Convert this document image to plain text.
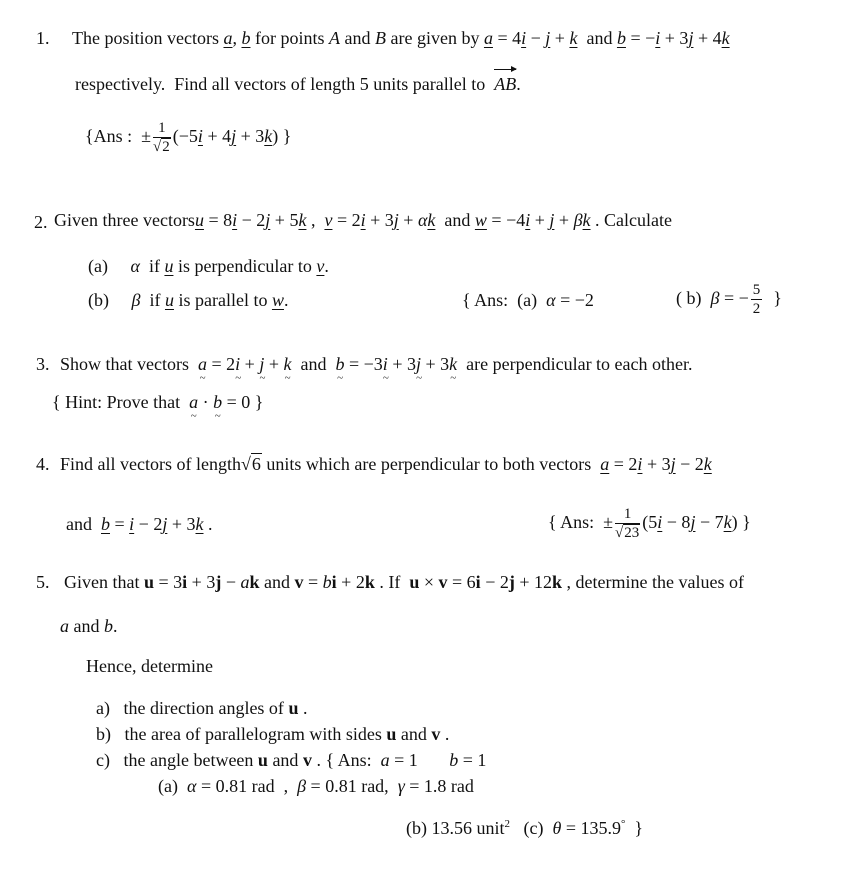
1. The position vectors a, b for points A and B are given by a = 4i − j + k  and b = −i + 3j + 4k
respectively.  Find all vectors of length 5 units parallel to  AB
.
{Ans :  ± $\frac{1}{√2} (-5i + 4j + 3k)$ }
2. Given three vectorsu = 8i − 2j + 5k ,  v = 2i + 3j + αk  and w = −4i + j + βk . Calculate
(a)     α  if u is perpendicular to v.
(b)     β  if u is parallel to w.	{ Ans:  (a)  α = −2	( b)  β = − $\frac{5}{2}$ }
3. Show that vectors  a ~ = 2i ~ + j ~ + k ~  and  b ~ = −3i ~ + 3j ~ + 3k ~  are perpendicular to each other.
{ Hint: Prove that  a ~ · b ~ = 0 }
4. Find all vectors of length√6 units which are perpendicular to both vectors  a = 2i + 3j − 2k
and  b = i − 2j + 3k .	{ Ans:  ± $\frac{1}{√23} (5i - 8j - 7k)$ }
5. Given that u = 3i + 3j − ak and v = bi + 2k . If  u × v = 6i − 2j + 12k , determine the values of
a and b.
Hence, determine
a)   the direction angles of u .
b)   the area of parallelogram with sides u and v .
c)   the angle between u and v . { Ans:  a = 1       b = 1
(a)  α = 0.81 rad  ,  β = 0.81 rad,  γ = 1.8 rad
(b) 13.56 unit$^2$   (c)  θ = 135.9°  }
